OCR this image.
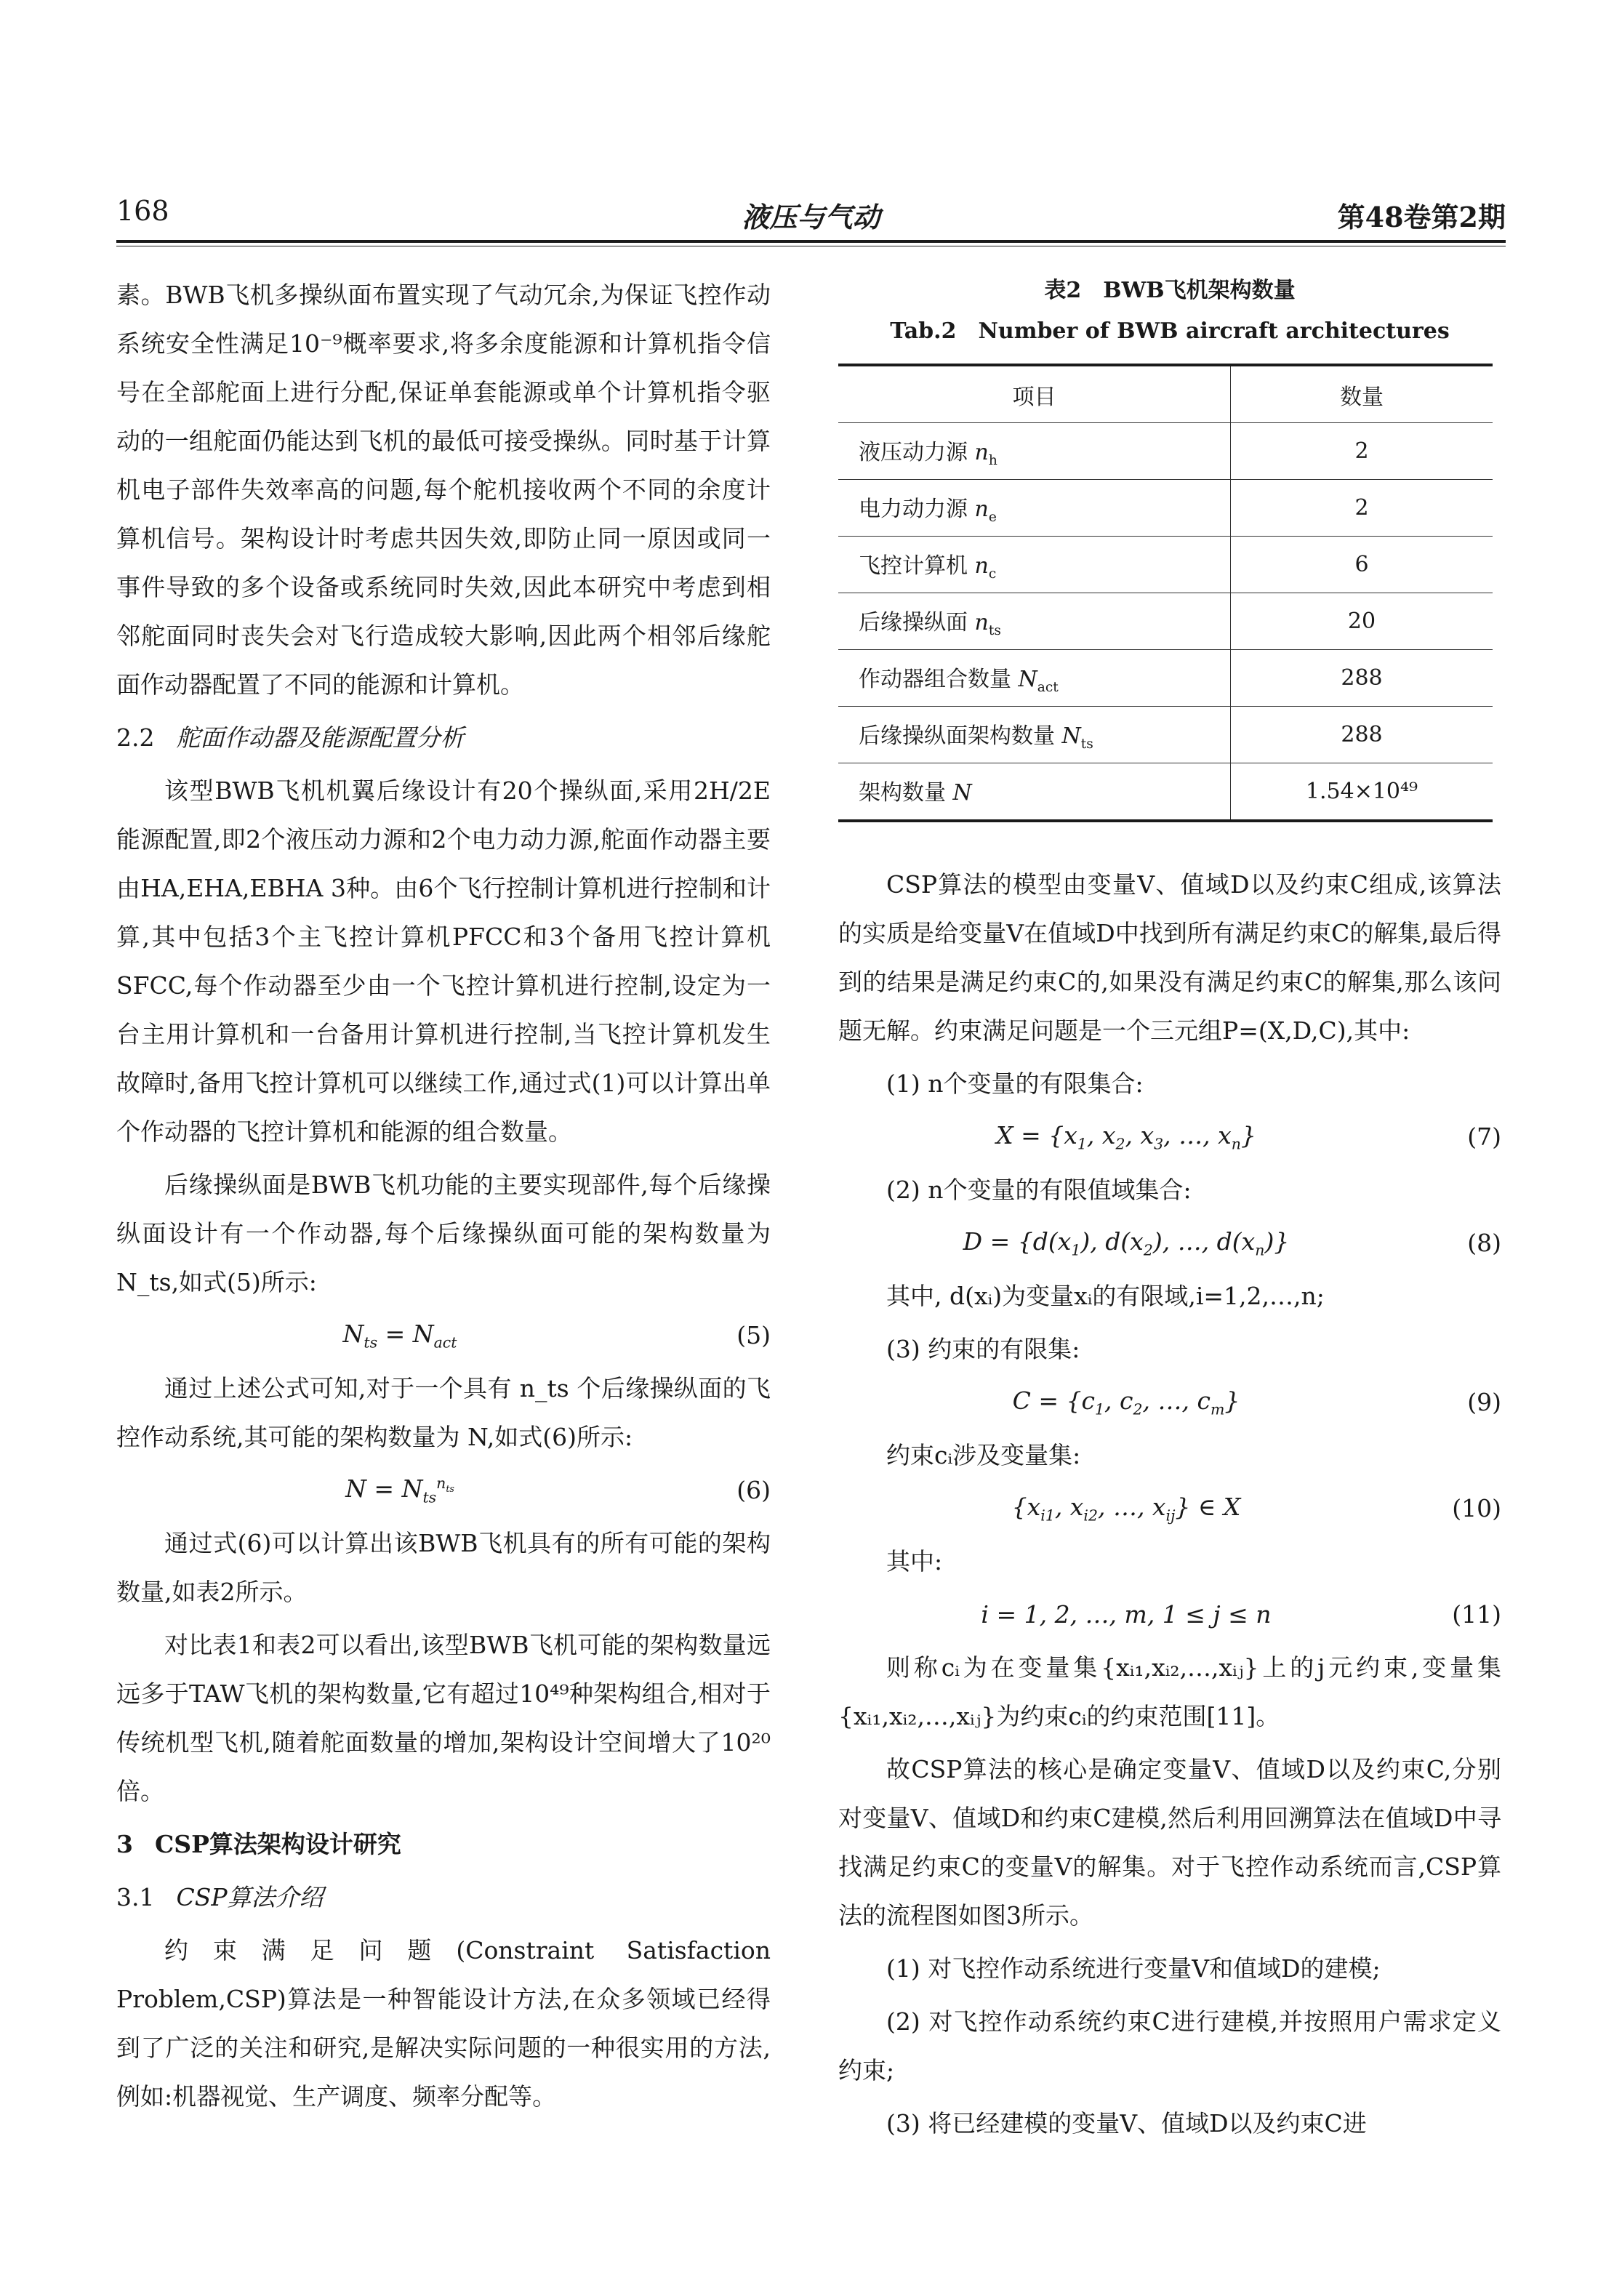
168	液压与气动	第48卷第2期

素。BWB飞机多操纵面布置实现了气动冗余,为保证飞控作动系统安全性满足10⁻⁹概率要求,将多余度能源和计算机指令信号在全部舵面上进行分配,保证单套能源或单个计算机指令驱动的一组舵面仍能达到飞机的最低可接受操纵。同时基于计算机电子部件失效率高的问题,每个舵机接收两个不同的余度计算机信号。架构设计时考虑共因失效,即防止同一原因或同一事件导致的多个设备或系统同时失效,因此本研究中考虑到相邻舵面同时丧失会对飞行造成较大影响,因此两个相邻后缘舵面作动器配置了不同的能源和计算机。

2.2 舵面作动器及能源配置分析

该型BWB飞机机翼后缘设计有20个操纵面,采用2H/2E能源配置,即2个液压动力源和2个电力动力源,舵面作动器主要由HA,EHA,EBHA 3种。由6个飞行控制计算机进行控制和计算,其中包括3个主飞控计算机PFCC和3个备用飞控计算机SFCC,每个作动器至少由一个飞控计算机进行控制,设定为一台主用计算机和一台备用计算机进行控制,当飞控计算机发生故障时,备用飞控计算机可以继续工作,通过式(1)可以计算出单个作动器的飞控计算机和能源的组合数量。

后缘操纵面是BWB飞机功能的主要实现部件,每个后缘操纵面设计有一个作动器,每个后缘操纵面可能的架构数量为 N_ts,如式(5)所示:

$N_{ts} = N_{act}$	(5)

通过上述公式可知,对于一个具有 n_ts 个后缘操纵面的飞控作动系统,其可能的架构数量为 N,如式(6)所示:

$N = N_{ts}^{n_{ts}}$	(6)

通过式(6)可以计算出该BWB飞机具有的所有可能的架构数量,如表2所示。

对比表1和表2可以看出,该型BWB飞机可能的架构数量远远多于TAW飞机的架构数量,它有超过10⁴⁹种架构组合,相对于传统机型飞机,随着舵面数量的增加,架构设计空间增大了10²⁰倍。

3 CSP算法架构设计研究
3.1 CSP算法介绍

约束满足问题(Constraint Satisfaction Problem,CSP)算法是一种智能设计方法,在众多领域已经得到了广泛的关注和研究,是解决实际问题的一种很实用的方法,例如:机器视觉、生产调度、频率分配等。

表2　BWB飞机架构数量
Tab.2　Number of BWB aircraft architectures
项目	数量
液压动力源 $n_h$	2
电力动力源 $n_e$	2
飞控计算机 $n_c$	6
后缘操纵面 $n_{ts}$	20
作动器组合数量 $N_{act}$	288
后缘操纵面架构数量 $N_{ts}$	288
架构数量 N	1.54×10⁴⁹

CSP算法的模型由变量V、值域D以及约束C组成,该算法的实质是给变量V在值域D中找到所有满足约束C的解集,最后得到的结果是满足约束C的,如果没有满足约束C的解集,那么该问题无解。约束满足问题是一个三元组P=(X,D,C),其中:

(1) n个变量的有限集合:

$X = \{x_1$, $x_2$, $x_3$, …, $x_n$}	(7)

(2) n个变量的有限值域集合:

$D = \{d(x_1)$, $d(x_2)$, …, $d(x_n)$}	(8)

其中, d(xᵢ)为变量xᵢ的有限域,i=1,2,…,n;

(3) 约束的有限集:

$C = \{c_1$, $c_2$, …, $c_m$}	(9)

约束cᵢ涉及变量集:

{$x_{i1}$, $x_{i2}$, …, $x_{ij}$} ∈ X	(10)

其中:

i = 1, 2, …, m, 1 ≤ j ≤ n	(11)

则称cᵢ为在变量集{xᵢ₁,xᵢ₂,…,xᵢⱼ}上的j元约束,变量集{xᵢ₁,xᵢ₂,…,xᵢⱼ}为约束cᵢ的约束范围[11]。

故CSP算法的核心是确定变量V、值域D以及约束C,分别对变量V、值域D和约束C建模,然后利用回溯算法在值域D中寻找满足约束C的变量V的解集。对于飞控作动系统而言,CSP算法的流程图如图3所示。

(1) 对飞控作动系统进行变量V和值域D的建模;

(2) 对飞控作动系统约束C进行建模,并按照用户需求定义约束;

(3) 将已经建模的变量V、值域D以及约束C进
